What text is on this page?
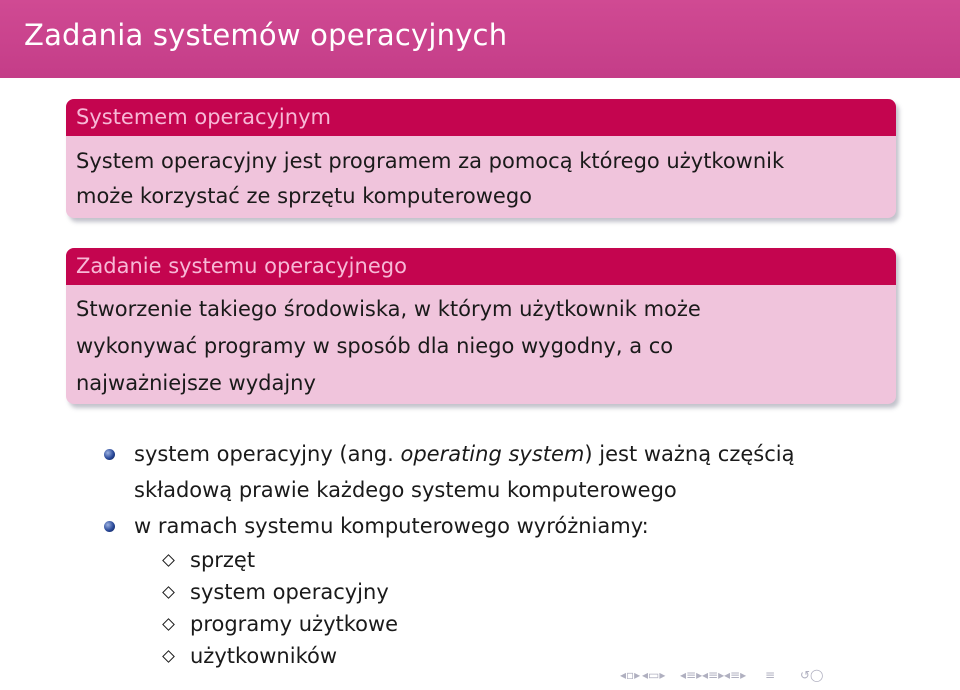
Zadania systemów operacyjnych
Systemem operacyjnym
System operacyjny jest programem za pomocą którego użytkownik
może korzystać ze sprzętu komputerowego
Zadanie systemu operacyjnego
Stworzenie takiego środowiska, w którym użytkownik może
wykonywać programy w sposób dla niego wygodny, a co
najważniejsze wydajny
system operacyjny (ang. operating system) jest ważną częścią
składową prawie każdego systemu komputerowego
w ramach systemu komputerowego wyróżniamy:
sprzęt
system operacyjny
programy użytkowe
użytkowników
◂▫▸ ◂▭▸ ◂≡▸ ◂≡▸ ◂≡▸ ≡ ↺◯
